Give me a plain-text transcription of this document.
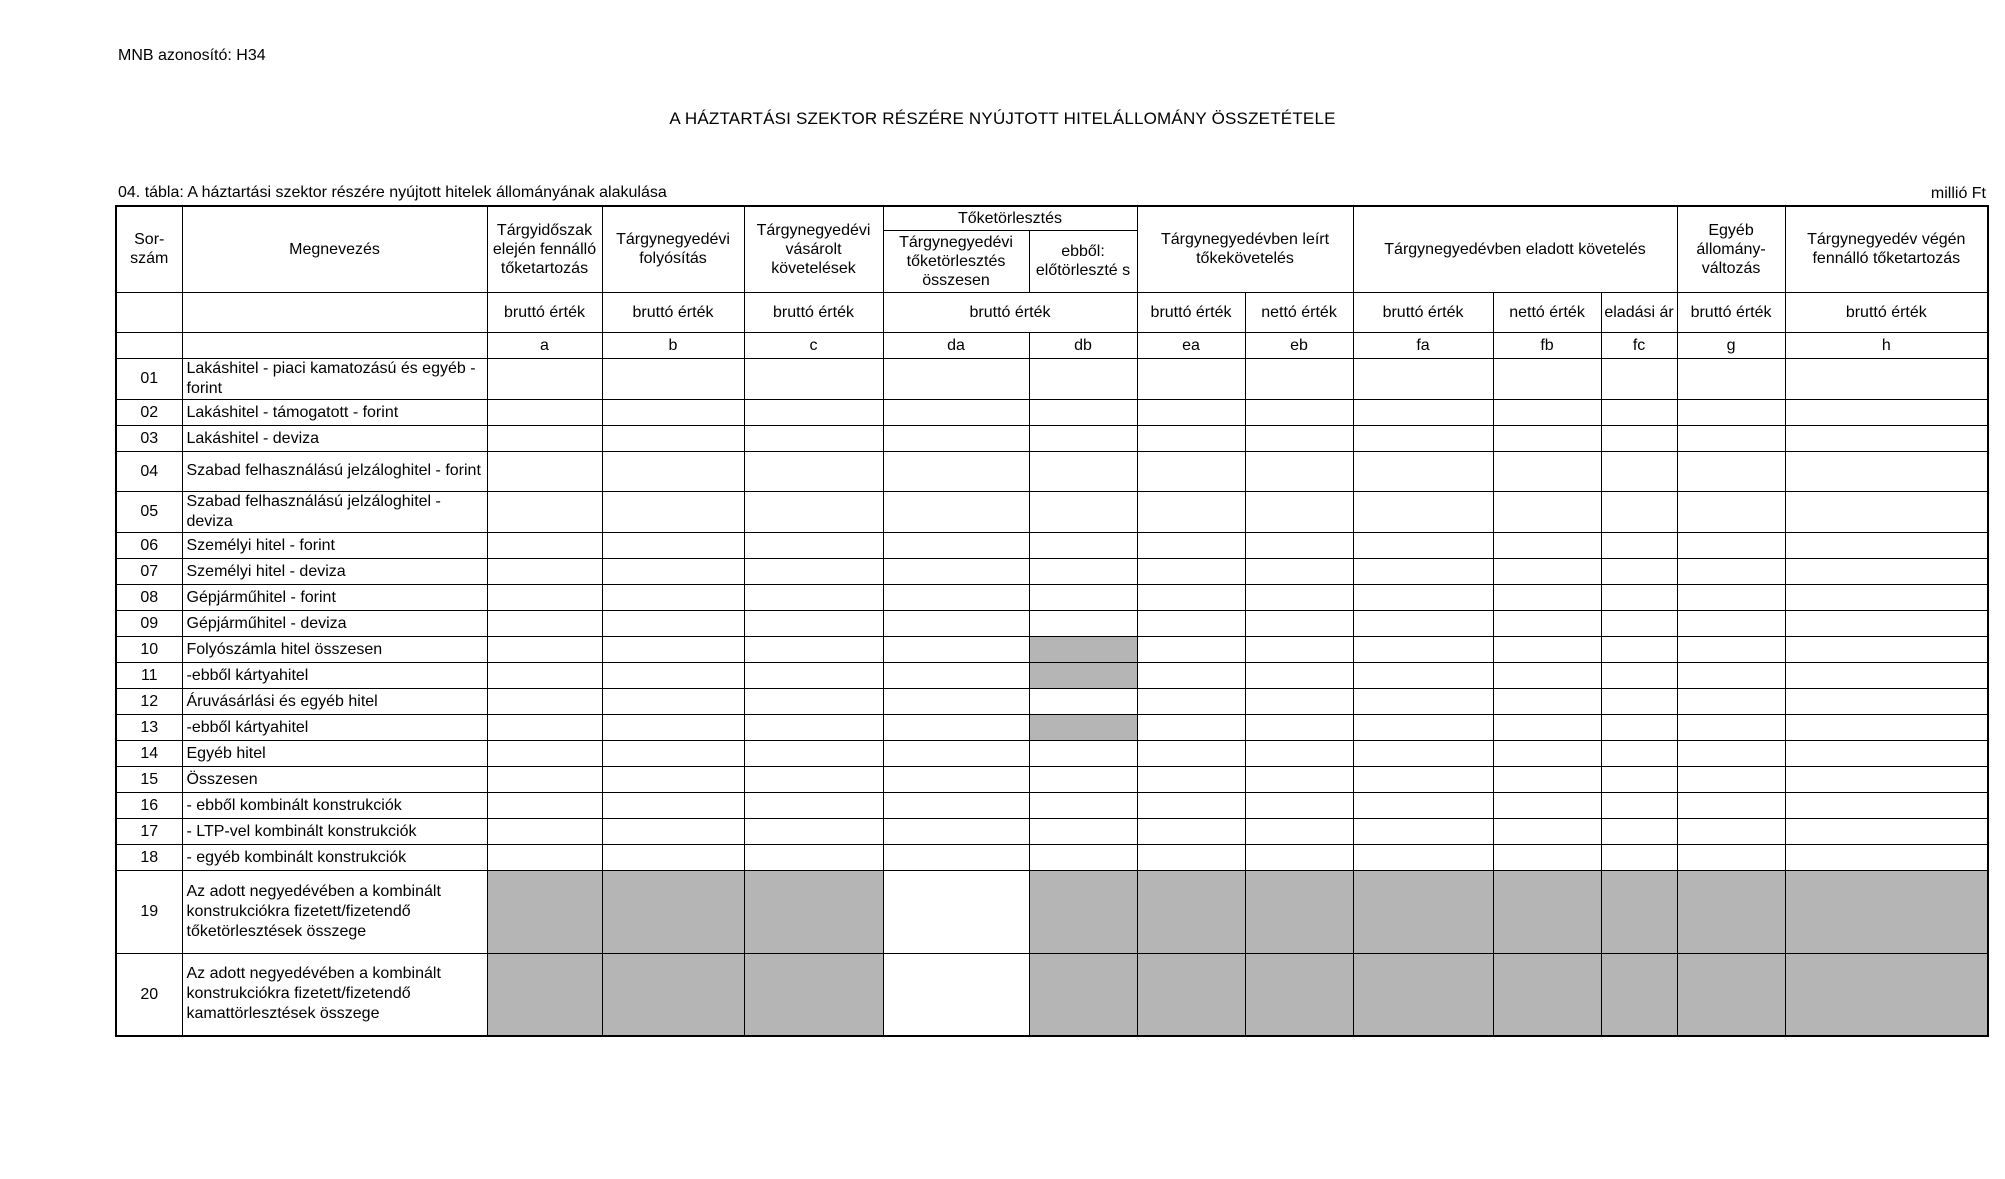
MNB azonosító: H34
A HÁZTARTÁSI SZEKTOR RÉSZÉRE NYÚJTOTT HITELÁLLOMÁNY ÖSSZETÉTELE
04. tábla: A háztartási szektor részére nyújtott hitelek állományának alakulása	millió Ft
Sor- szám	Megnevezés	Tárgyidőszak elején fennálló tőketartozás	Tárgynegyedévi folyósítás	Tárgynegyedévi vásárolt követelések	Tőketörlesztés		Tárgynegyedévben leírt tőkekövetelés		Tárgynegyedévben eladott követelés			Egyéb állomány- változás	Tárgynegyedév végén fennálló tőketartozás
					Tárgynegyedévi tőketörlesztés összesen	ebből: előtörleszté s							
		bruttó érték	bruttó érték	bruttó érték	bruttó érték		bruttó érték	nettó érték	bruttó érték	nettó érték	eladási ár	bruttó érték	bruttó érték
		a	b	c	da	db	ea	eb	fa	fb	fc	g	h
01	Lakáshitel - piaci kamatozású és egyéb - forint												
02	Lakáshitel - támogatott - forint												
03	Lakáshitel - deviza												
04	Szabad felhasználású jelzáloghitel - forint												
05	Szabad felhasználású jelzáloghitel - deviza												
06	Személyi hitel - forint												
07	Személyi hitel - deviza												
08	Gépjárműhitel - forint												
09	Gépjárműhitel - deviza												
10	Folyószámla hitel összesen												
11	-ebből kártyahitel												
12	Áruvásárlási és egyéb hitel												
13	-ebből kártyahitel												
14	Egyéb hitel												
15	Összesen												
16	- ebből kombinált konstrukciók												
17	- LTP-vel kombinált konstrukciók												
18	- egyéb kombinált konstrukciók												
19	Az adott negyedévében a kombinált konstrukciókra fizetett/fizetendő tőketörlesztések összege												
20	Az adott negyedévében a kombinált konstrukciókra fizetett/fizetendő kamattörlesztések összege												
